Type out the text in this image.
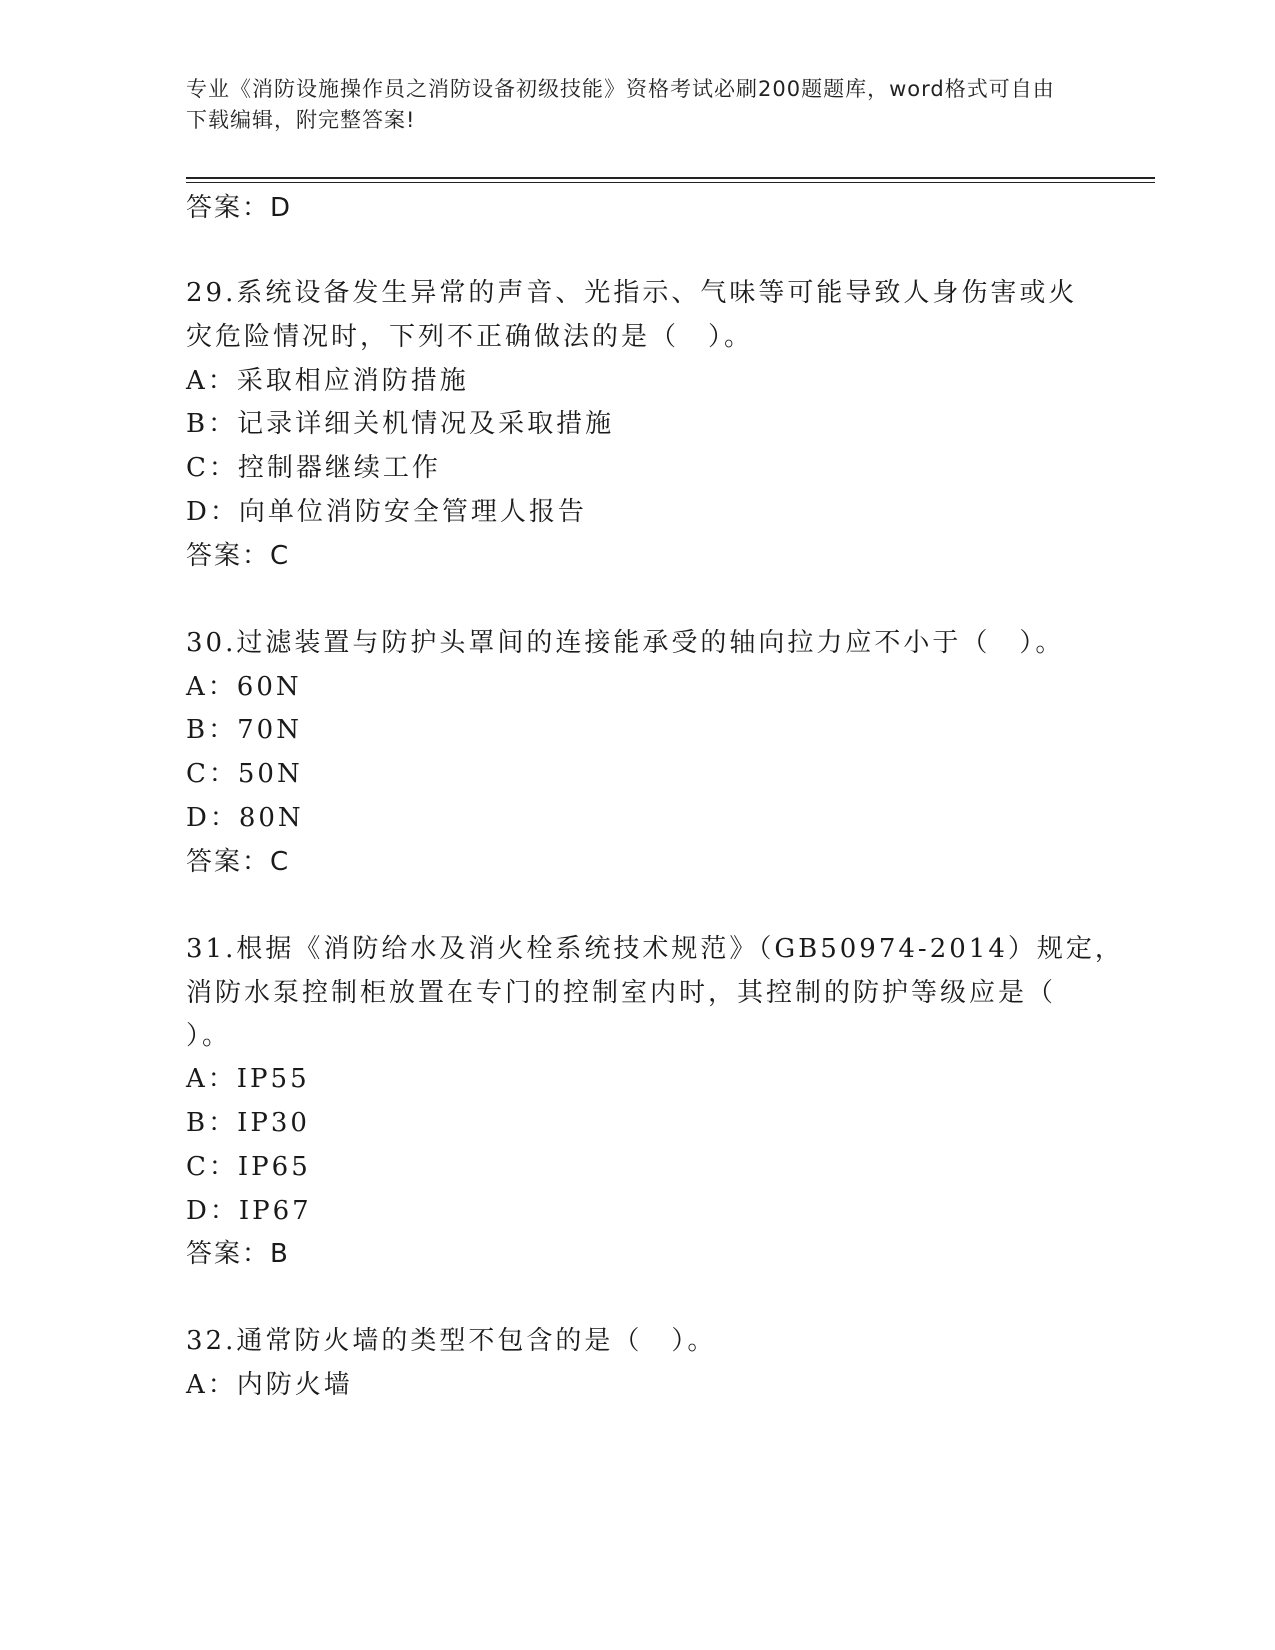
专业《消防设施操作员之消防设备初级技能》资格考试必刷200题题库，word格式可自由下载编辑，附完整答案!
答案：D
29.系统设备发生异常的声音、光指示、气味等可能导致人身伤害或火
灾危险情况时，下列不正确做法的是（　）。
A：采取相应消防措施
B：记录详细关机情况及采取措施
C：控制器继续工作
D：向单位消防安全管理人报告
答案：C
30.过滤装置与防护头罩间的连接能承受的轴向拉力应不小于（　）。
A：60N
B：70N
C：50N
D：80N
答案：C
31.根据《消防给水及消火栓系统技术规范》（GB50974-2014）规定，
消防水泵控制柜放置在专门的控制室内时，其控制的防护等级应是（
）。
A：IP55
B：IP30
C：IP65
D：IP67
答案：B
32.通常防火墙的类型不包含的是（　）。
A：内防火墙
